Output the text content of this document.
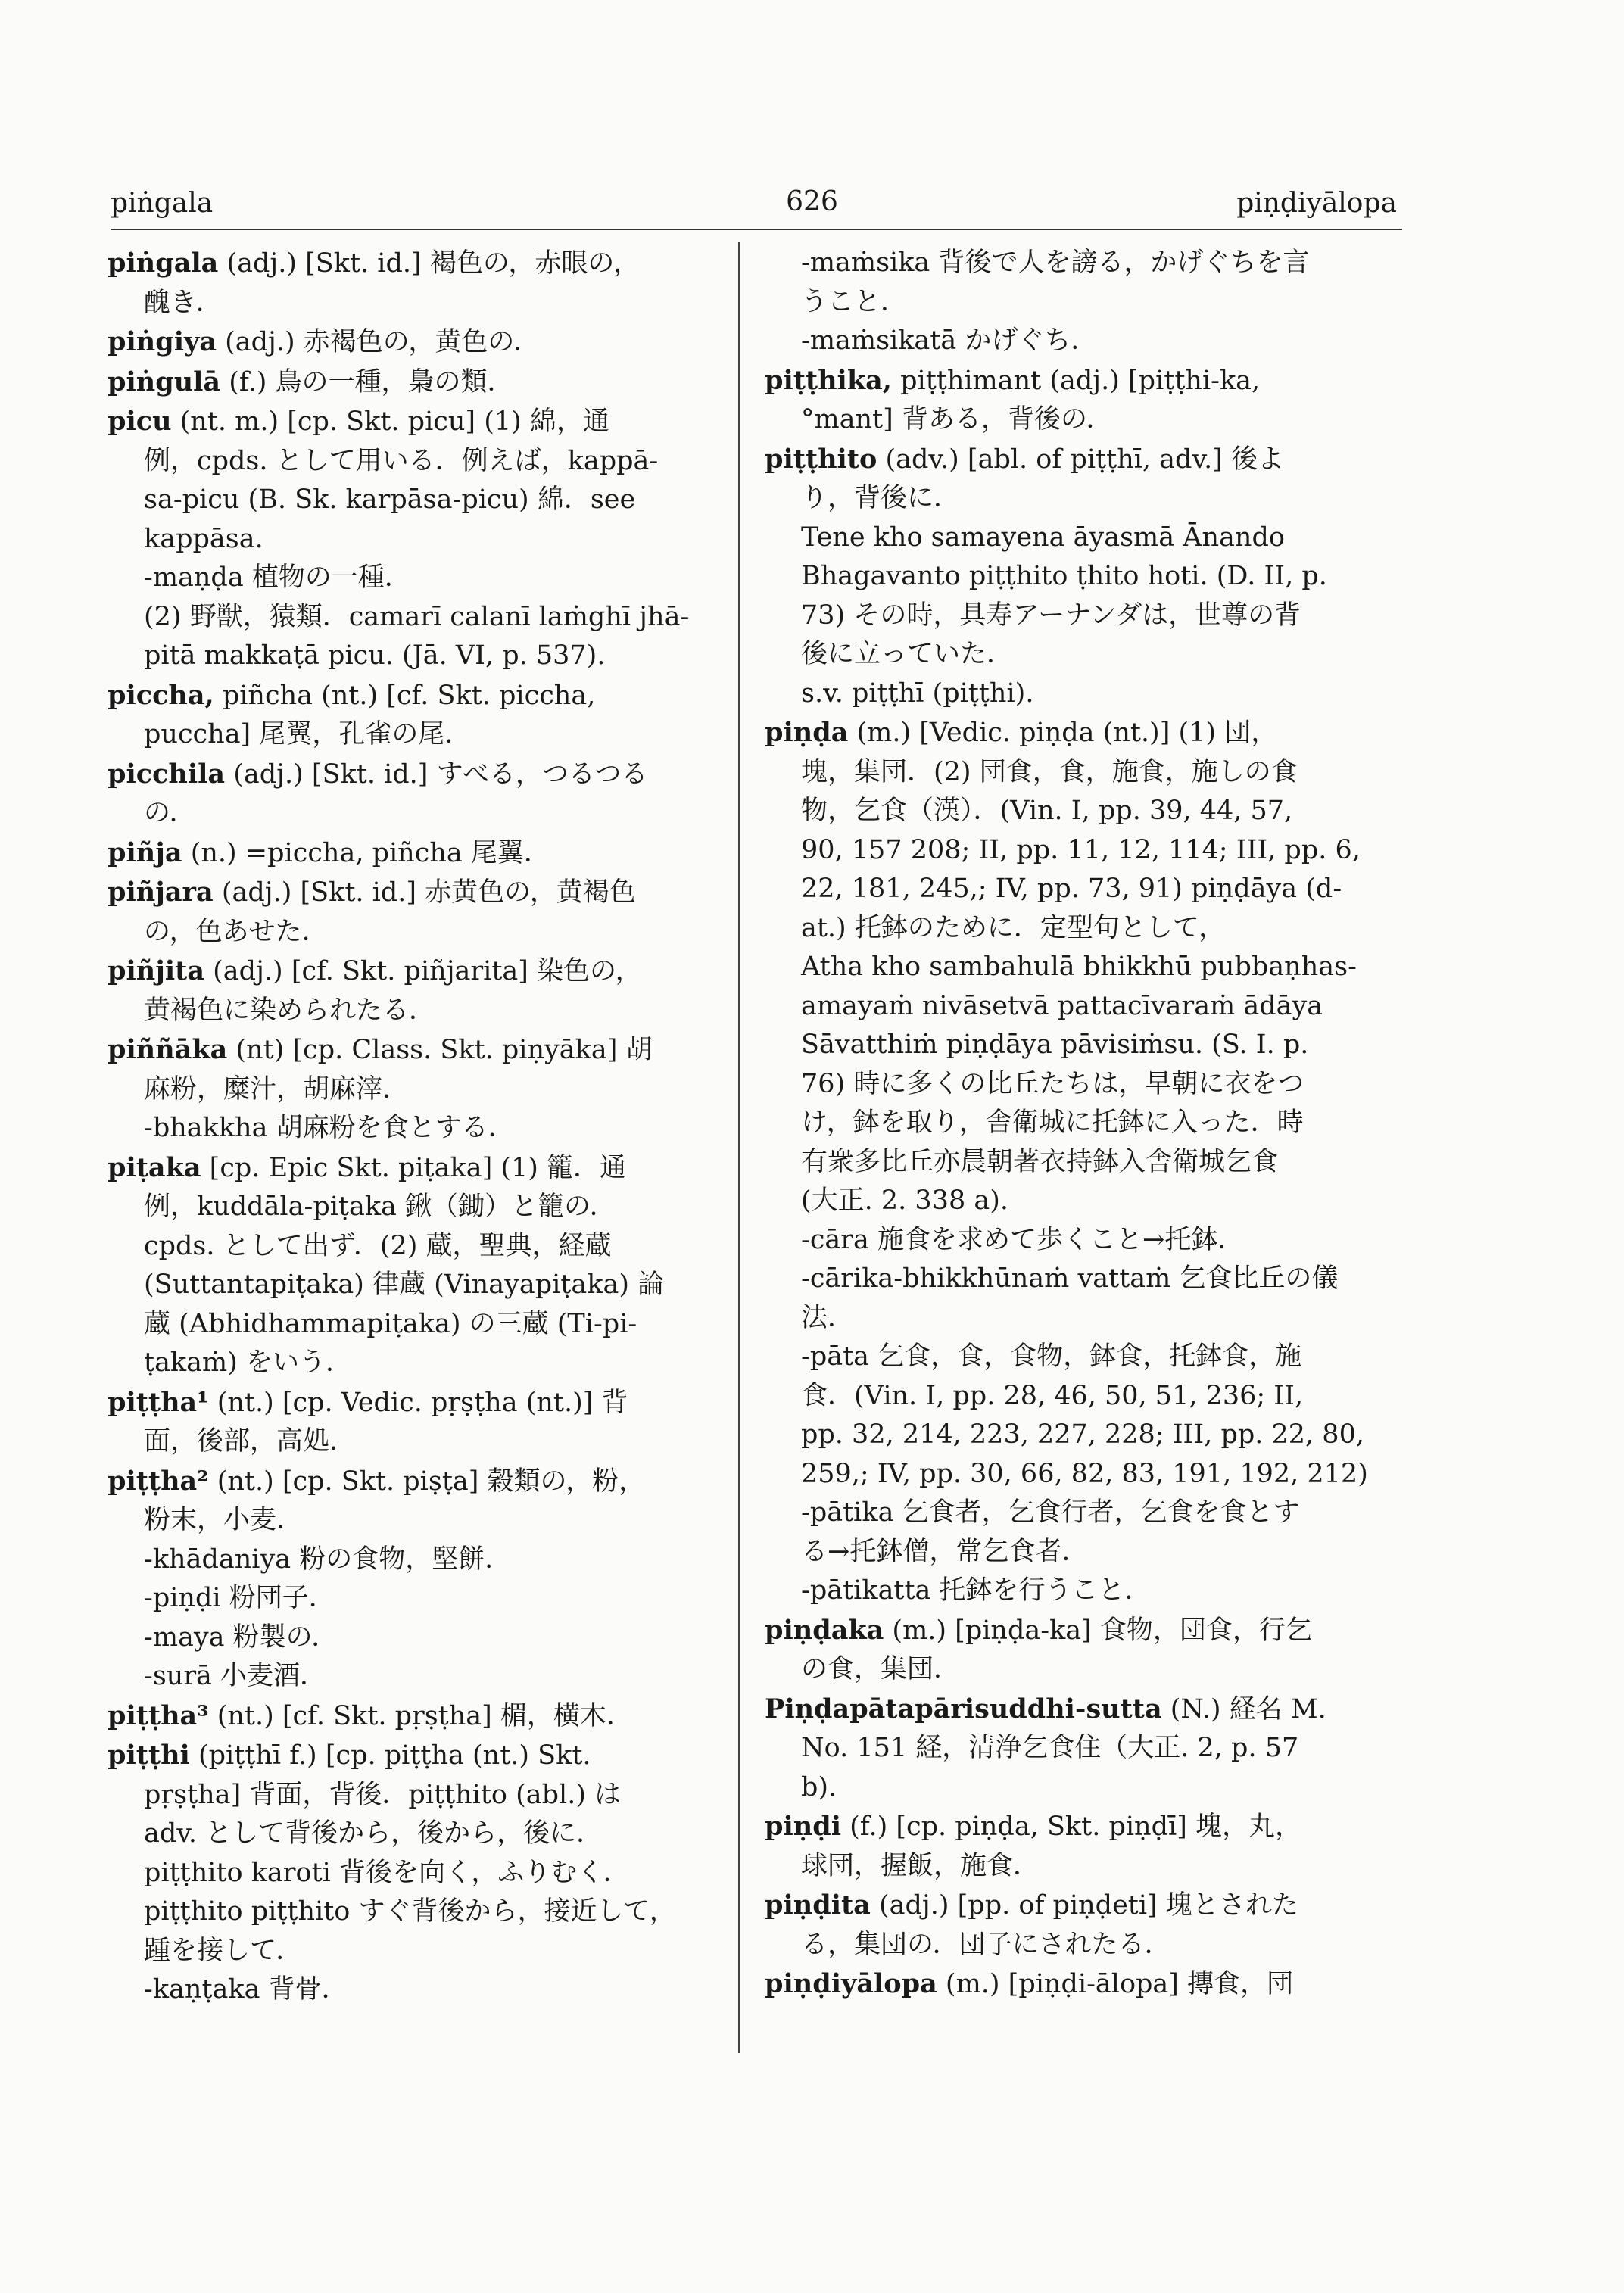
piṅgala	626	piṇḍiyālopa
piṅgala (adj.) [Skt. id.] 褐色の，赤眼の，
醜き．
piṅgiya (adj.) 赤褐色の，黄色の．
piṅgulā (f.) 鳥の一種，梟の類．
picu (nt. m.) [cp. Skt. picu] (1) 綿，通
例，cpds. として用いる．例えば，kappā-
sa-picu (B. Sk. karpāsa-picu) 綿．see
kappāsa.
-maṇḍa 植物の一種．
(2) 野獣，猿類．camarī calanī laṁghī jhā-
pitā makkaṭā picu. (Jā. VI, p. 537).
piccha, piñcha (nt.) [cf. Skt. piccha,
puccha] 尾翼，孔雀の尾．
picchila (adj.) [Skt. id.] すべる，つるつる
の．
piñja (n.) =piccha, piñcha 尾翼．
piñjara (adj.) [Skt. id.] 赤黄色の，黄褐色
の，色あせた．
piñjita (adj.) [cf. Skt. piñjarita] 染色の，
黄褐色に染められたる．
piññāka (nt) [cp. Class. Skt. piṇyāka] 胡
麻粉，糜汁，胡麻滓．
-bhakkha 胡麻粉を食とする．
piṭaka [cp. Epic Skt. piṭaka] (1) 籠．通
例，kuddāla-piṭaka 鍬（鋤）と籠の．
cpds. として出ず．(2) 蔵，聖典，経蔵
(Suttantapiṭaka) 律蔵 (Vinayapiṭaka) 論
蔵 (Abhidhammapiṭaka) の三蔵 (Ti-pi-
ṭakaṁ) をいう．
piṭṭha¹ (nt.) [cp. Vedic. pṛṣṭha (nt.)] 背
面，後部，高処．
piṭṭha² (nt.) [cp. Skt. piṣṭa] 穀類の，粉，
粉末，小麦．
-khādaniya 粉の食物，堅餅．
-piṇḍi 粉団子．
-maya 粉製の．
-surā 小麦酒．
piṭṭha³ (nt.) [cf. Skt. pṛṣṭha] 楣，横木．
piṭṭhi (piṭṭhī f.) [cp. piṭṭha (nt.) Skt.
pṛṣṭha] 背面，背後．piṭṭhito (abl.) は
adv. として背後から，後から，後に．
piṭṭhito karoti 背後を向く，ふりむく．
piṭṭhito piṭṭhito すぐ背後から，接近して，
踵を接して．
-kaṇṭaka 背骨．
-maṁsika 背後で人を謗る，かげぐちを言
うこと．
-maṁsikatā かげぐち．
piṭṭhika, piṭṭhimant (adj.) [piṭṭhi-ka,
°mant] 背ある，背後の．
piṭṭhito (adv.) [abl. of piṭṭhī, adv.] 後よ
り，背後に．
Tene kho samayena āyasmā Ānando
Bhagavanto piṭṭhito ṭhito hoti. (D. II, p.
73) その時，具寿アーナンダは，世尊の背
後に立っていた．
s.v. piṭṭhī (piṭṭhi).
piṇḍa (m.) [Vedic. piṇḍa (nt.)] (1) 団，
塊，集団．(2) 団食，食，施食，施しの食
物，乞食（漢）．(Vin. I, pp. 39, 44, 57,
90, 157 208; II, pp. 11, 12, 114; III, pp. 6,
22, 181, 245,; IV, pp. 73, 91) piṇḍāya (d-
at.) 托鉢のために．定型句として，
Atha kho sambahulā bhikkhū pubbaṇhas-
amayaṁ nivāsetvā pattacīvaraṁ ādāya
Sāvatthiṁ piṇḍāya pāvisiṁsu. (S. I. p.
76) 時に多くの比丘たちは，早朝に衣をつ
け，鉢を取り，舎衛城に托鉢に入った．時
有衆多比丘亦晨朝著衣持鉢入舎衛城乞食
(大正. 2. 338 a).
-cāra 施食を求めて歩くこと→托鉢．
-cārika-bhikkhūnaṁ vattaṁ 乞食比丘の儀
法．
-pāta 乞食，食，食物，鉢食，托鉢食，施
食．(Vin. I, pp. 28, 46, 50, 51, 236; II,
pp. 32, 214, 223, 227, 228; III, pp. 22, 80,
259,; IV, pp. 30, 66, 82, 83, 191, 192, 212)
-pātika 乞食者，乞食行者，乞食を食とす
る→托鉢僧，常乞食者．
-pātikatta 托鉢を行うこと．
piṇḍaka (m.) [piṇḍa-ka] 食物，団食，行乞
の食，集団．
Piṇḍapātapārisuddhi-sutta (N.) 経名 M.
No. 151 経，清浄乞食住（大正. 2, p. 57
b).
piṇḍi (f.) [cp. piṇḍa, Skt. piṇḍī] 塊，丸，
球団，握飯，施食．
piṇḍita (adj.) [pp. of piṇḍeti] 塊とされた
る，集団の．団子にされたる．
piṇḍiyālopa (m.) [piṇḍi-ālopa] 摶食，団
